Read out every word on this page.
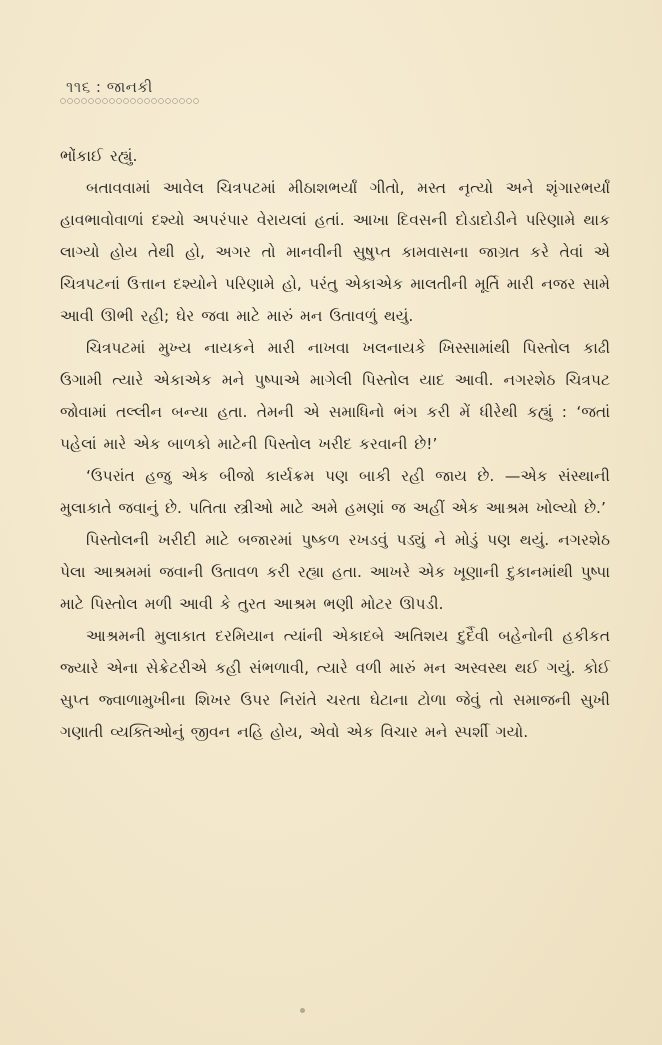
૧૧૬ : જાનકી

ભોંકાઈ રહ્યું.

બતાવવામાં આવેલ ચિત્રપટમાં મીઠાશભર્યાં ગીતો, મસ્ત નૃત્યો અને શૃંગારભર્યાં હાવભાવોવાળાં દશ્યો અપરંપાર વેરાયલાં હતાં. આખા દિવસની દોડાદોડીને પરિણામે થાક લાગ્યો હોય તેથી હો, અગર તો માનવીની સુષુપ્ત કામવાસના જાગ્રત કરે તેવાં એ ચિત્રપટનાં ઉત્તાન દશ્યોને પરિણામે હો, પરંતુ એકાએક માલતીની મૂર્તિ મારી નજર સામે આવી ઊભી રહી; ઘેર જવા માટે મારું મન ઉતાવળું થયું.

ચિત્રપટમાં મુખ્ય નાયકને મારી નાખવા ખલનાયકે ખિસ્સામાંથી પિસ્તોલ કાઢી ઉગામી ત્યારે એકાએક મને પુષ્પાએ માગેલી પિસ્તોલ યાદ આવી. નગરશેઠ ચિત્રપટ જોવામાં તલ્લીન બન્યા હતા. તેમની એ સમાધિનો ભંગ કરી મેં ધીરેથી કહ્યું : ‘જતાં પહેલાં મારે એક બાળકો માટેની પિસ્તોલ ખરીદ કરવાની છે!’

‘ઉપરાંત હજુ એક બીજો કાર્યક્રમ પણ બાકી રહી જાય છે. —એક સંસ્થાની મુલાકાતે જવાનું છે. પતિતા સ્ત્રીઓ માટે અમે હમણાં જ અહીં એક આશ્રમ ખોલ્યો છે.’

પિસ્તોલની ખરીદી માટે બજારમાં પુષ્કળ રખડવું પડ્યું ને મોડું પણ થયું. નગરશેઠ પેલા આશ્રમમાં જવાની ઉતાવળ કરી રહ્યા હતા. આખરે એક ખૂણાની દુકાનમાંથી પુષ્પા માટે પિસ્તોલ મળી આવી કે તુરત આશ્રમ ભણી મોટર ઊપડી.

આશ્રમની મુલાકાત દરમિયાન ત્યાંની એકાદબે અતિશય દુર્દૈવી બહેનોની હકીકત જ્યારે એના સેક્રેટરીએ કહી સંભળાવી, ત્યારે વળી મારું મન અસ્વસ્થ થઈ ગયું. કોઈ સુપ્ત જ્વાળામુખીના શિખર ઉપર નિરાંતે ચરતા ઘેટાના ટોળા જેવું તો સમાજની સુખી ગણાતી વ્યક્તિઓનું જીવન નહિ હોય, એવો એક વિચાર મને સ્પર્શી ગયો.
